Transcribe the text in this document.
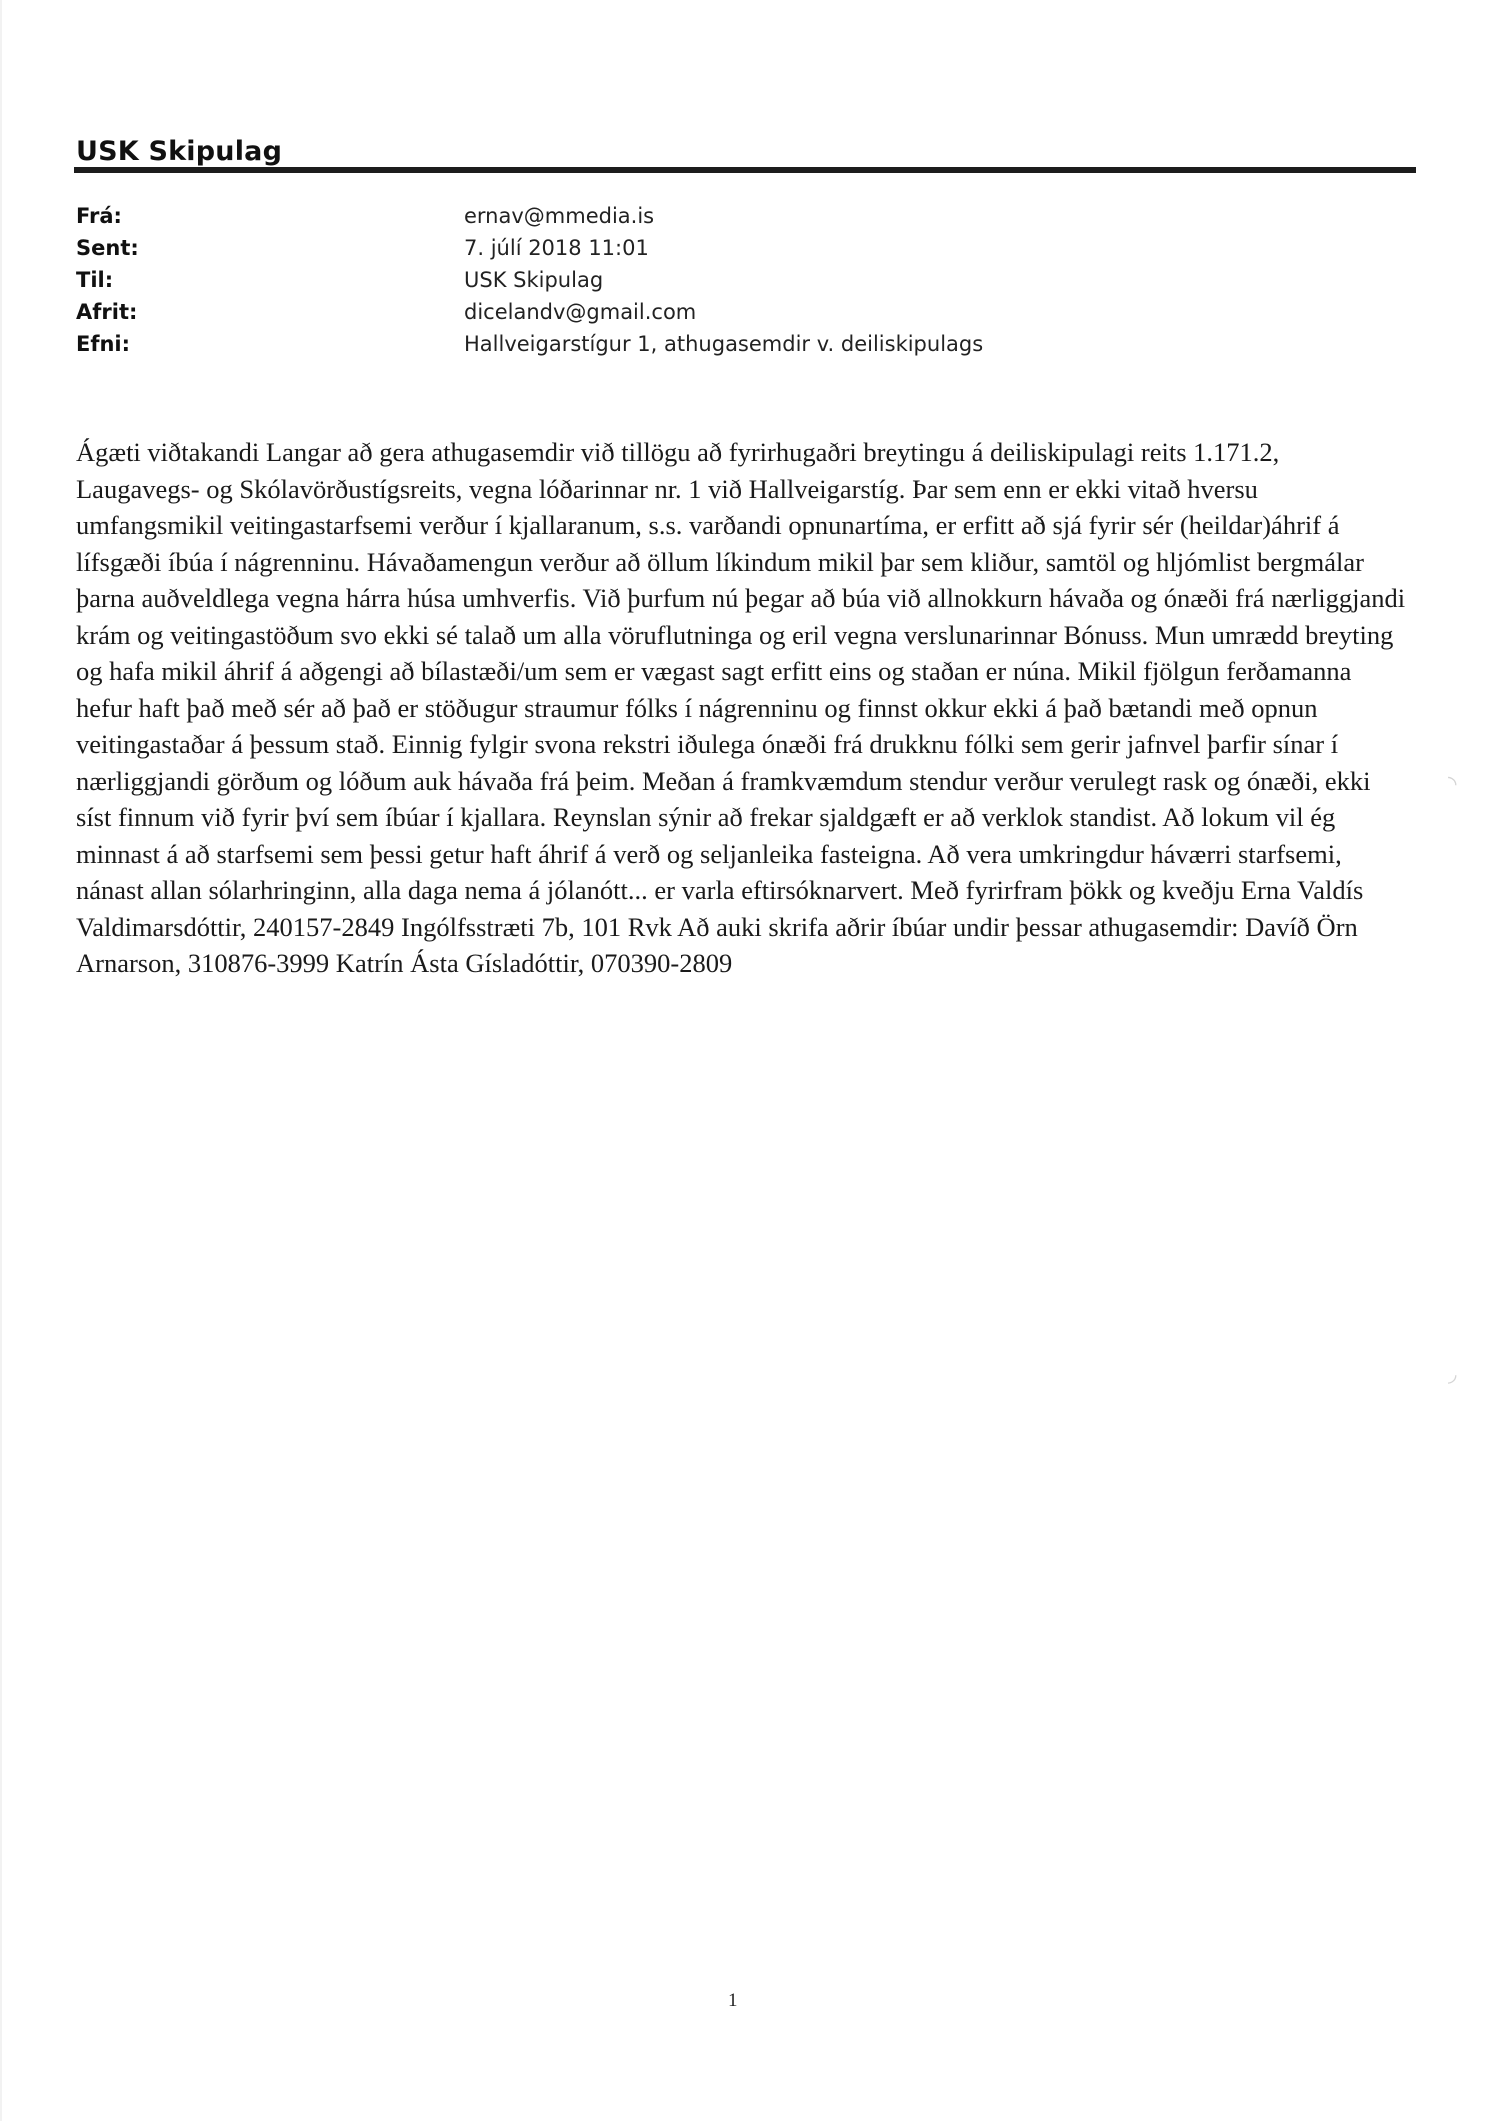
USK Skipulag
Frá:	ernav@mmedia.is
Sent:	7. júlí 2018 11:01
Til:	USK Skipulag
Afrit:	dicelandv@gmail.com
Efni:	Hallveigarstígur 1, athugasemdir v. deiliskipulags

Ágæti viðtakandi Langar að gera athugasemdir við tillögu að fyrirhugaðri breytingu á deiliskipulagi reits 1.171.2, Laugavegs- og Skólavörðustígsreits, vegna lóðarinnar nr. 1 við Hallveigarstíg. Þar sem enn er ekki vitað hversu umfangsmikil veitingastarfsemi verður í kjallaranum, s.s. varðandi opnunartíma, er erfitt að sjá fyrir sér (heildar)áhrif á lífsgæði íbúa í nágrenninu. Hávaðamengun verður að öllum líkindum mikil þar sem kliður, samtöl og hljómlist bergmálar þarna auðveldlega vegna hárra húsa umhverfis. Við þurfum nú þegar að búa við allnokkurn hávaða og ónæði frá nærliggjandi krám og veitingastöðum svo ekki sé talað um alla vöruflutninga og eril vegna verslunarinnar Bónuss. Mun umrædd breyting og hafa mikil áhrif á aðgengi að bílastæði/um sem er vægast sagt erfitt eins og staðan er núna. Mikil fjölgun ferðamanna hefur haft það með sér að það er stöðugur straumur fólks í nágrenninu og finnst okkur ekki á það bætandi með opnun veitingastaðar á þessum stað. Einnig fylgir svona rekstri iðulega ónæði frá drukknu fólki sem gerir jafnvel þarfir sínar í nærliggjandi görðum og lóðum auk hávaða frá þeim. Meðan á framkvæmdum stendur verður verulegt rask og ónæði, ekki síst finnum við fyrir því sem íbúar í kjallara. Reynslan sýnir að frekar sjaldgæft er að verklok standist. Að lokum vil ég minnast á að starfsemi sem þessi getur haft áhrif á verð og seljanleika fasteigna. Að vera umkringdur háværri starfsemi, nánast allan sólarhringinn, alla daga nema á jólanótt... er varla eftirsóknarvert. Með fyrirfram þökk og kveðju Erna Valdís Valdimarsdóttir, 240157-2849 Ingólfsstræti 7b, 101 Rvk Að auki skrifa aðrir íbúar undir þessar athugasemdir: Davíð Örn Arnarson, 310876-3999 Katrín Ásta Gísladóttir, 070390-2809

◝
◞
1
